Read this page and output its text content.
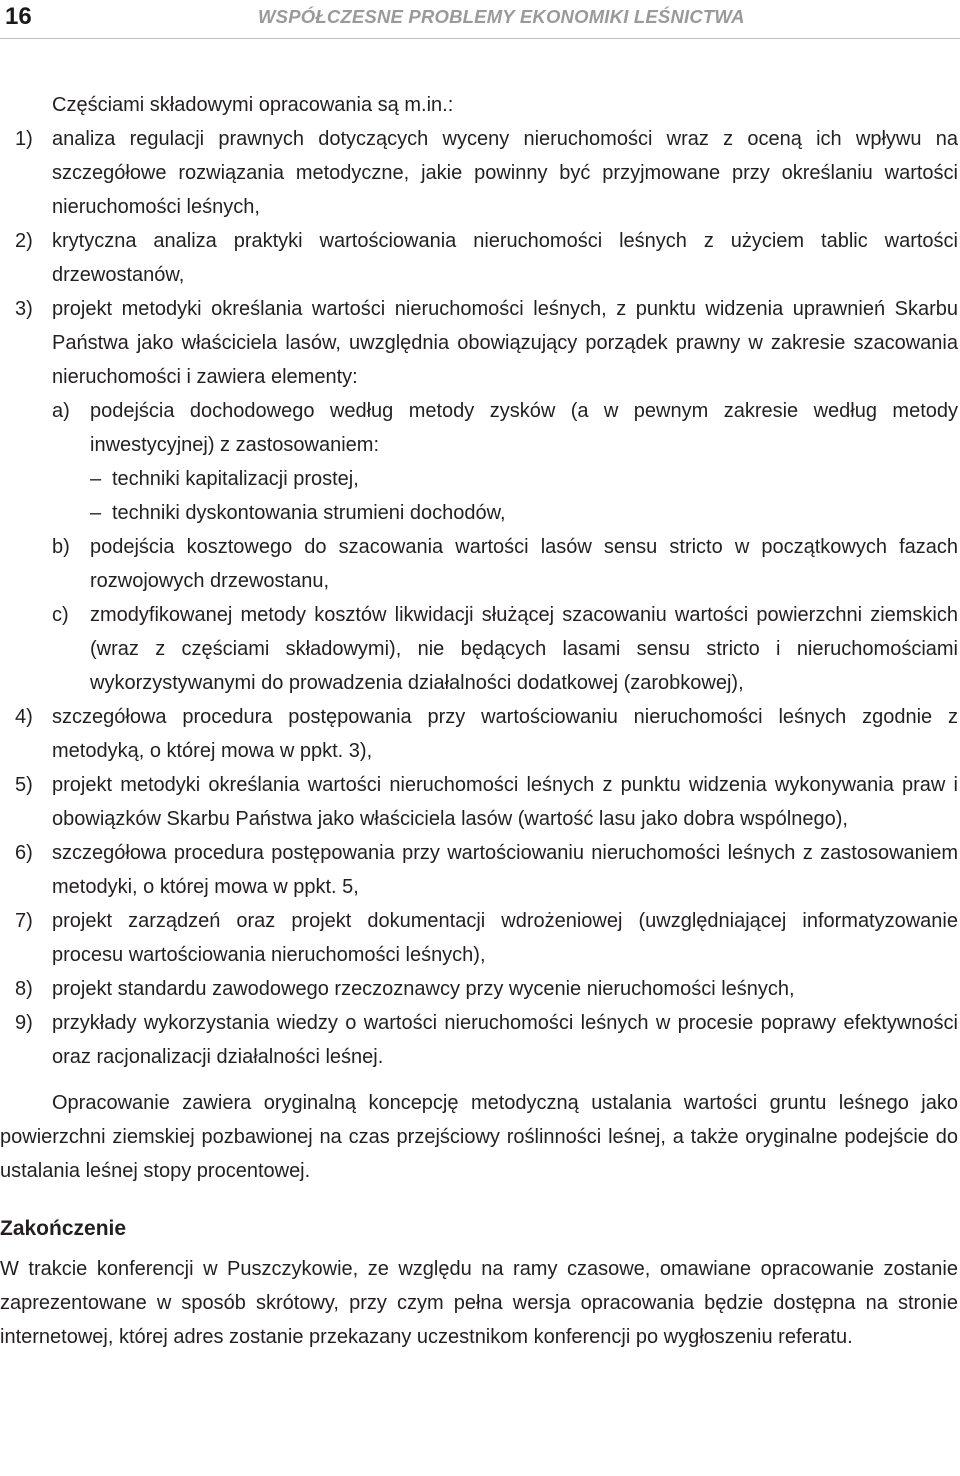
16	WSPÓŁCZESNE PROBLEMY EKONOMIKI LEŚNICTWA

Częściami składowymi opracowania są m.in.:

1) analiza regulacji prawnych dotyczących wyceny nieruchomości wraz z oceną ich wpływu na szczegółowe rozwiązania metodyczne, jakie powinny być przyjmowane przy określaniu wartości nieruchomości leśnych,

2) krytyczna analiza praktyki wartościowania nieruchomości leśnych z użyciem tablic wartości drzewostanów,

3) projekt metodyki określania wartości nieruchomości leśnych, z punktu widzenia uprawnień Skarbu Państwa jako właściciela lasów, uwzględnia obowiązujący porządek prawny w zakresie szacowania nieruchomości i zawiera elementy:

a) podejścia dochodowego według metody zysków (a w pewnym zakresie według metody inwestycyjnej) z zastosowaniem:

– techniki kapitalizacji prostej,

– techniki dyskontowania strumieni dochodów,

b) podejścia kosztowego do szacowania wartości lasów sensu stricto w początkowych fazach rozwojowych drzewostanu,

c) zmodyfikowanej metody kosztów likwidacji służącej szacowaniu wartości powierzchni ziemskich (wraz z częściami składowymi), nie będących lasami sensu stricto i nieruchomościami wykorzystywanymi do prowadzenia działalności dodatkowej (zarobkowej),

4) szczegółowa procedura postępowania przy wartościowaniu nieruchomości leśnych zgodnie z metodyką, o której mowa w ppkt. 3),

5) projekt metodyki określania wartości nieruchomości leśnych z punktu widzenia wykonywania praw i obowiązków Skarbu Państwa jako właściciela lasów (wartość lasu jako dobra wspólnego),

6) szczegółowa procedura postępowania przy wartościowaniu nieruchomości leśnych z zastosowaniem metodyki, o której mowa w ppkt. 5,

7) projekt zarządzeń oraz projekt dokumentacji wdrożeniowej (uwzględniającej informatyzowanie procesu wartościowania nieruchomości leśnych),

8) projekt standardu zawodowego rzeczoznawcy przy wycenie nieruchomości leśnych,

9) przykłady wykorzystania wiedzy o wartości nieruchomości leśnych w procesie poprawy efektywności oraz racjonalizacji działalności leśnej.

Opracowanie zawiera oryginalną koncepcję metodyczną ustalania wartości gruntu leśnego jako powierzchni ziemskiej pozbawionej na czas przejściowy roślinności leśnej, a także oryginalne podejście do ustalania leśnej stopy procentowej.

Zakończenie

W trakcie konferencji w Puszczykowie, ze względu na ramy czasowe, omawiane opracowanie zostanie zaprezentowane w sposób skrótowy, przy czym pełna wersja opracowania będzie dostępna na stronie internetowej, której adres zostanie przekazany uczestnikom konferencji po wygłoszeniu referatu.
